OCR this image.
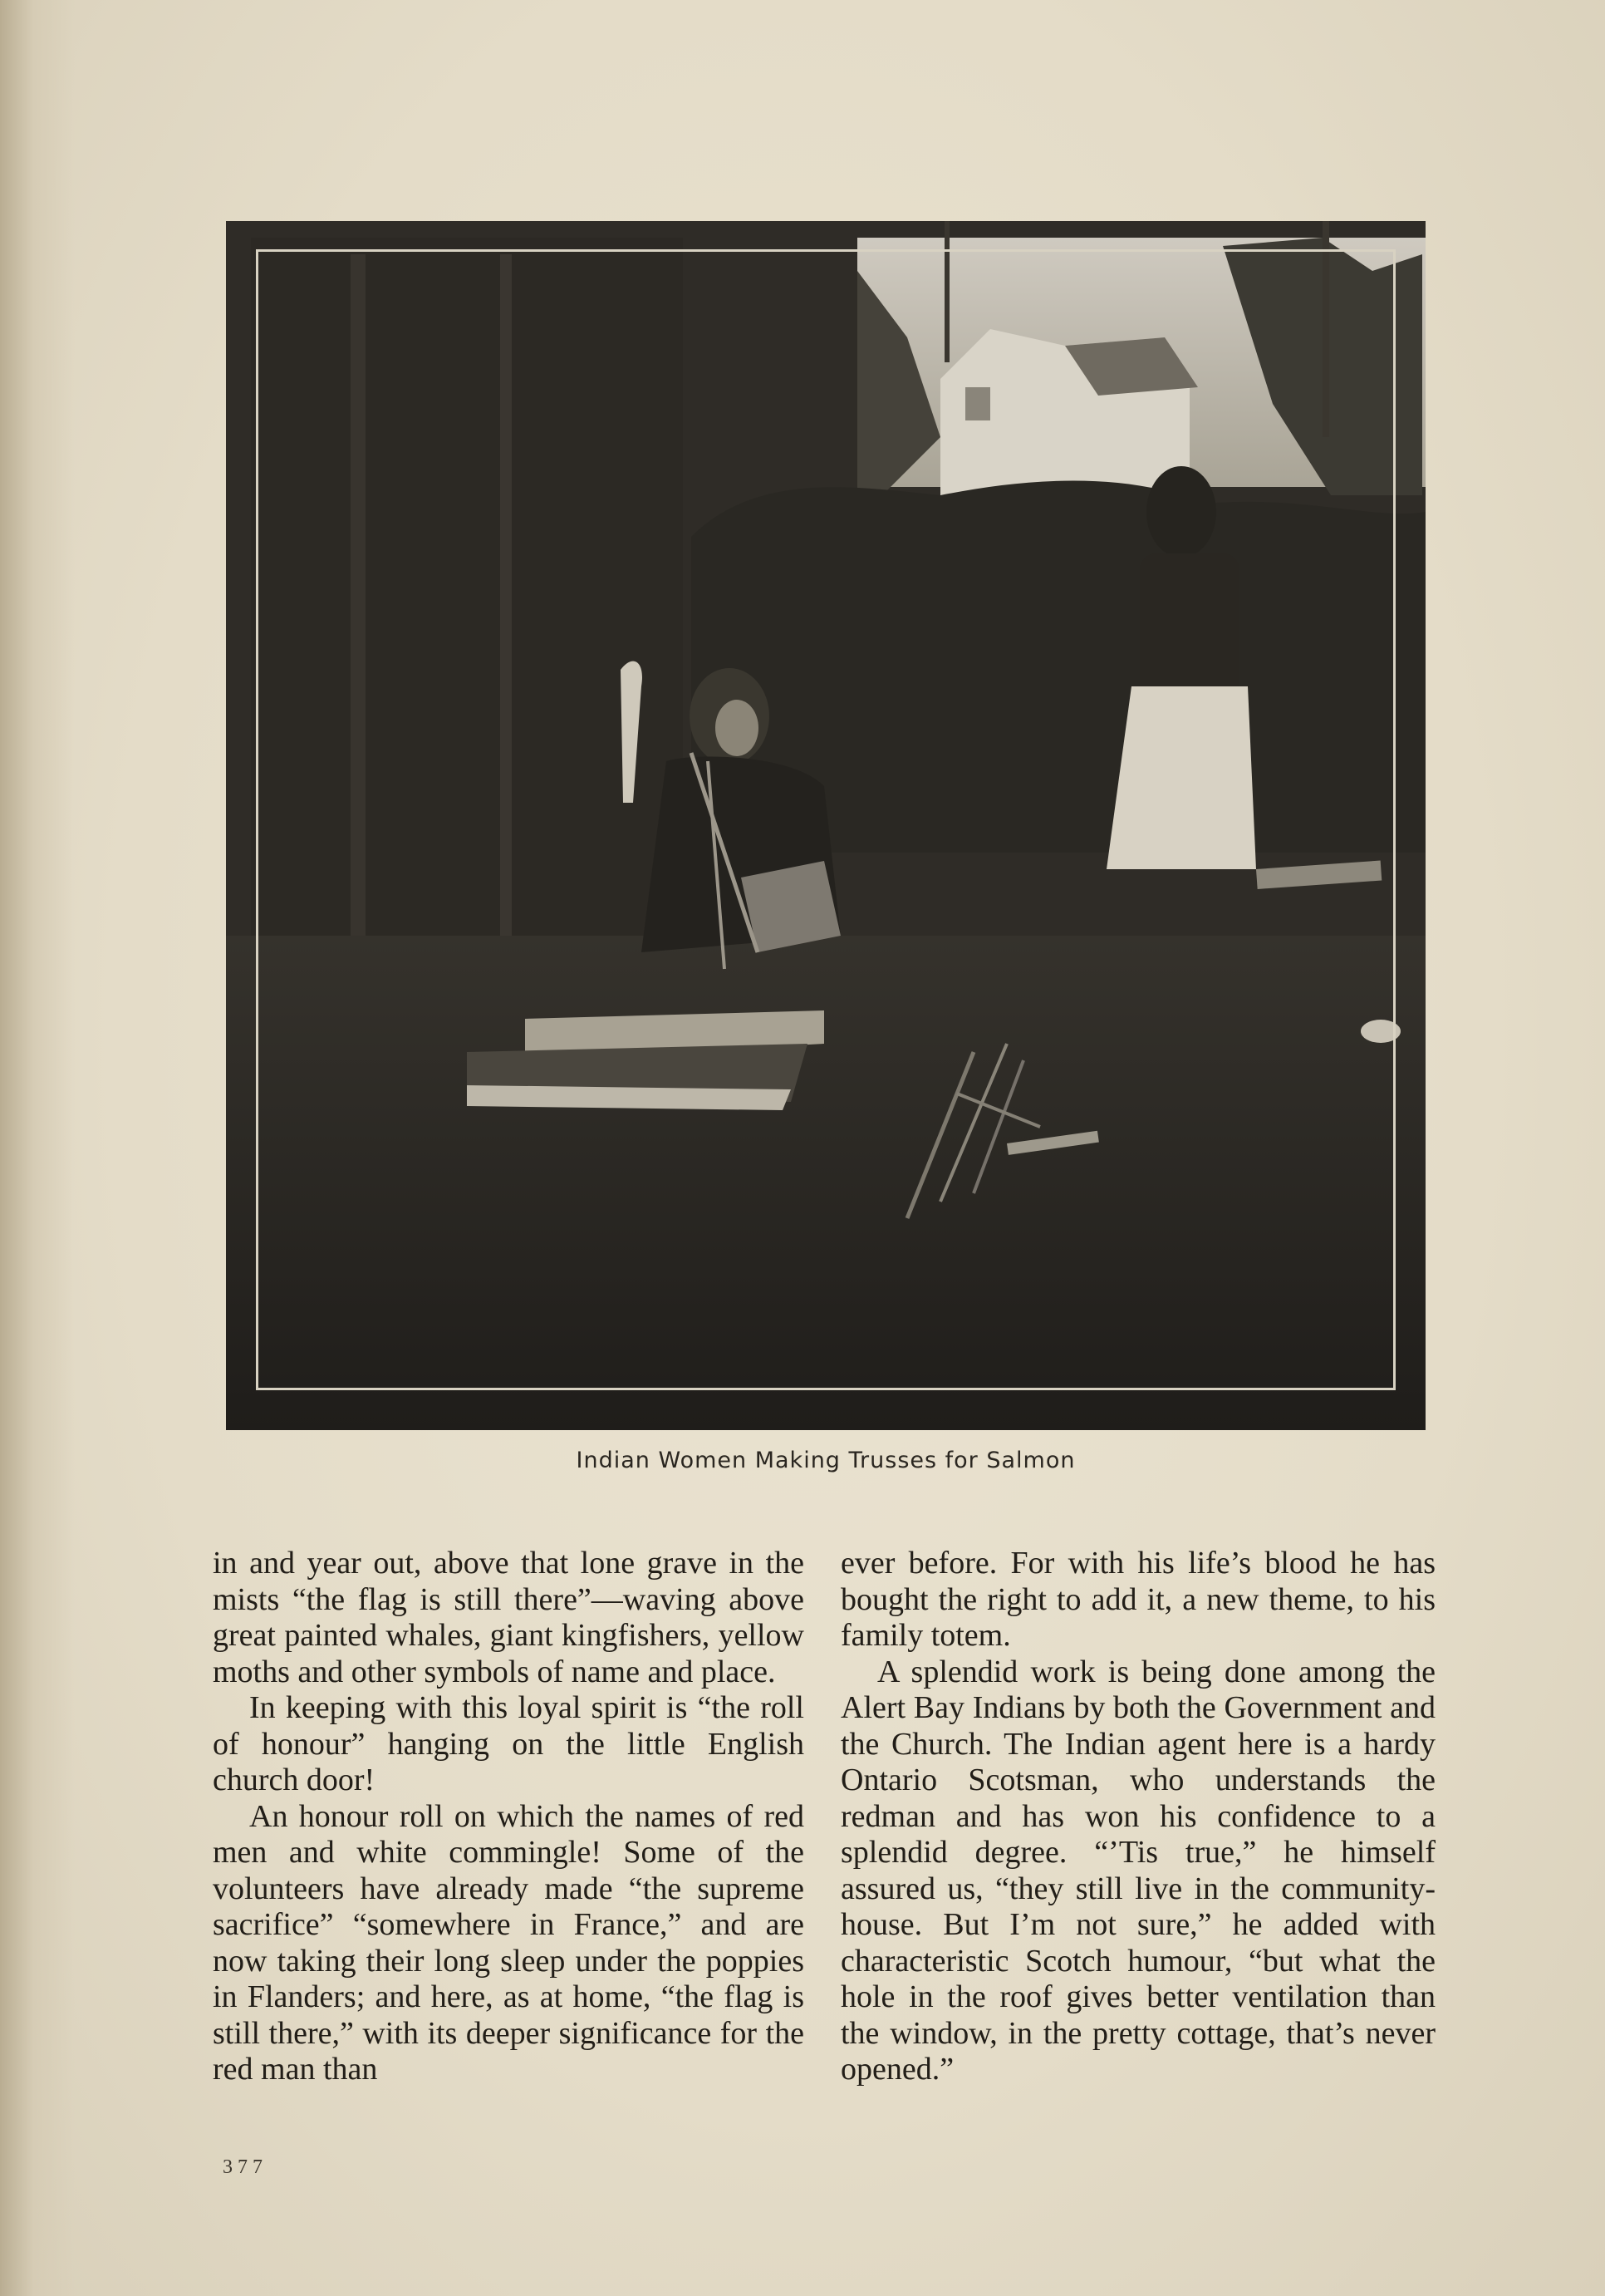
Indian Women Making Trusses for Salmon

in and year out, above that lone grave in the mists “the flag is still there”—waving above great painted whales, giant kingfishers, yellow moths and other symbols of name and place.

In keeping with this loyal spirit is “the roll of honour” hanging on the little English church door!

An honour roll on which the names of red men and white commingle! Some of the volunteers have already made “the supreme sacrifice” “somewhere in France,” and are now taking their long sleep under the poppies in Flanders; and here, as at home, “the flag is still there,” with its deeper significance for the red man than

ever before. For with his life’s blood he has bought the right to add it, a new theme, to his family totem.

A splendid work is being done among the Alert Bay Indians by both the Government and the Church. The Indian agent here is a hardy Ontario Scotsman, who understands the redman and has won his confidence to a splendid degree. “’Tis true,” he himself assured us, “they still live in the community-house. But I’m not sure,” he added with characteristic Scotch humour, “but what the hole in the roof gives better ventilation than the window, in the pretty cottage, that’s never opened.”

377
